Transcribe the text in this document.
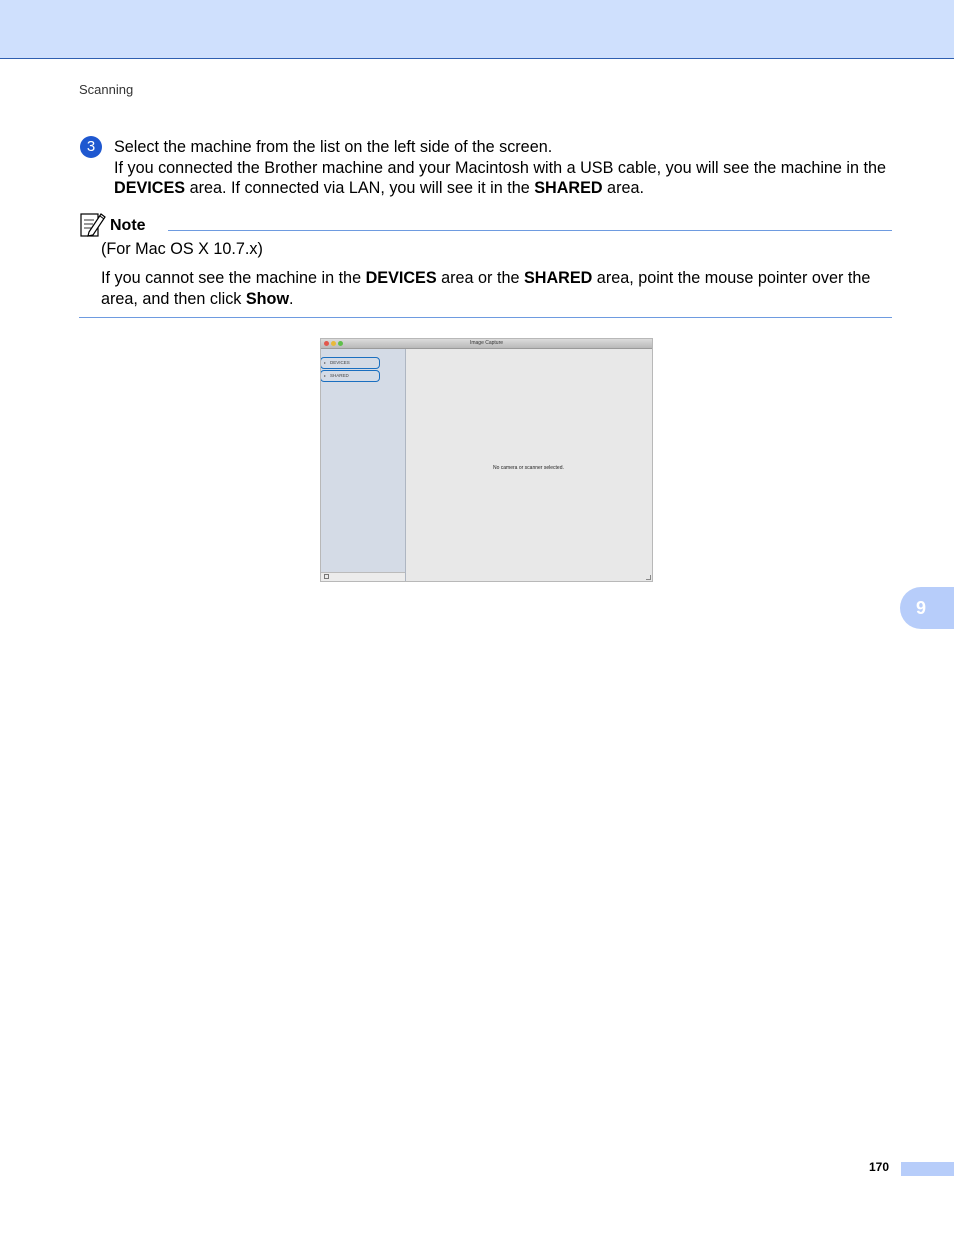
Scanning
3	Select the machine from the list on the left side of the screen.

If you connected the Brother machine and your Macintosh with a USB cable, you will see the machine in the DEVICES area. If connected via LAN, you will see it in the SHARED area.

Note
(For Mac OS X 10.7.x)
If you cannot see the machine in the DEVICES area or the SHARED area, point the mouse pointer over the area, and then click Show.
Image Capture
▸ DEVICES
▸ SHARED
No camera or scanner selected.
9
170
